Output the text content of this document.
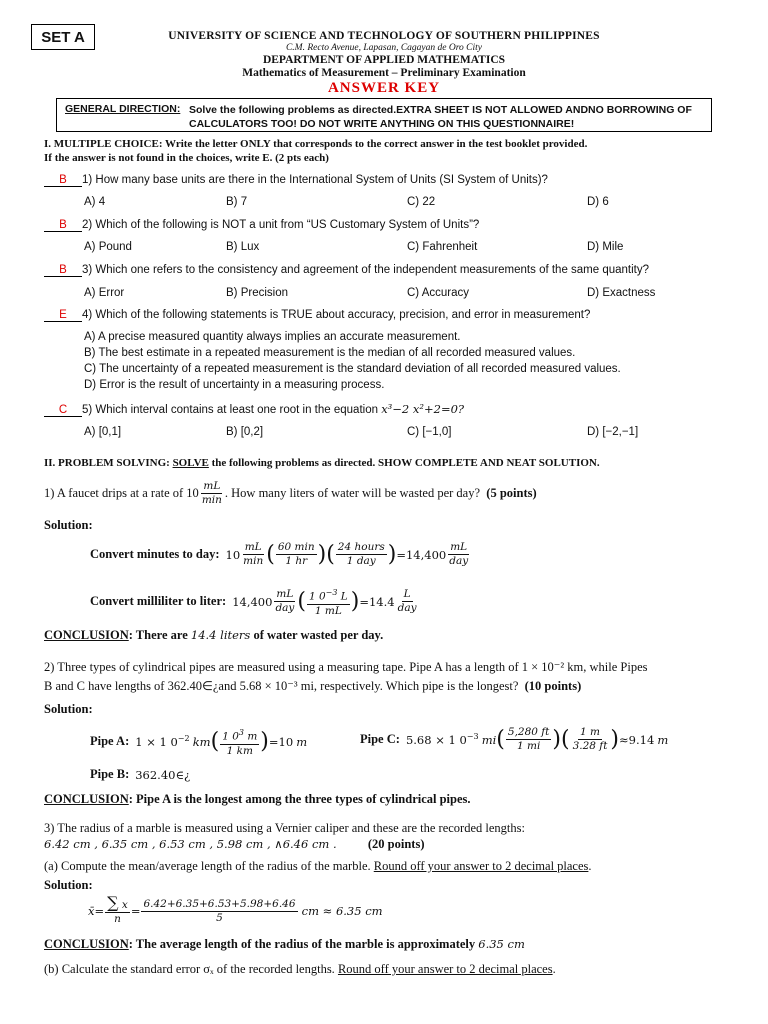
SET A	UNIVERSITY OF SCIENCE AND TECHNOLOGY OF SOUTHERN PHILIPPINES
C.M. Recto Avenue, Lapasan, Cagayan de Oro City
DEPARTMENT OF APPLIED MATHEMATICS
Mathematics of Measurement – Preliminary Examination
ANSWER KEY
GENERAL DIRECTION: Solve the following problems as directed.EXTRA SHEET IS NOT ALLOWED ANDNO BORROWING OF CALCULATORS TOO! DO NOT WRITE ANYTHING ON THIS QUESTIONNAIRE!
I. MULTIPLE CHOICE: Write the letter ONLY that corresponds to the correct answer in the test booklet provided.
If the answer is not found in the choices, write E. (2 pts each)
B 1) How many base units are there in the International System of Units (SI System of Units)?
A) 4	B) 7	C) 22	D) 6
B 2) Which of the following is NOT a unit from “US Customary System of Units”?
A) Pound	B) Lux	C) Fahrenheit	D) Mile
B 3) Which one refers to the consistency and agreement of the independent measurements of the same quantity?
A) Error	B) Precision	C) Accuracy	D) Exactness
E 4) Which of the following statements is TRUE about accuracy, precision, and error in measurement?
A) A precise measured quantity always implies an accurate measurement.
B) The best estimate in a repeated measurement is the median of all recorded measured values.
C) The uncertainty of a repeated measurement is the standard deviation of all recorded measured values.
D) Error is the result of uncertainty in a measuring process.
C 5) Which interval contains at least one root in the equation x³−2 x²+2=0?
A) [0,1]	B) [0,2]	C) [−1,0]	D) [−2,−1]
II. PROBLEM SOLVING: SOLVE the following problems as directed. SHOW COMPLETE AND NEAT SOLUTION.
1) A faucet drips at a rate of $10 \frac{mL}{\min}$ . How many liters of water will be wasted per day?
(5 points)
Solution:
Convert minutes to day: $10 \frac{mL}{\min}$ ( $\frac{60 \min}{1 hr}$ ) ( $\frac{\text{24 hours}}{\text{1 day}}$ ) $=14,400 \frac{mL}{\text{day}}$
Convert milliliter to liter: $14,400 \frac{mL}{\text{day}}$ ( $\frac{1 0^{-3} L}{1 mL}$ ) $=14.4 \frac{L}{\text{day}}$
CONCLUSION: There are 14.4 liters of water wasted per day.
2) Three types of cylindrical pipes are measured using a measuring tape. Pipe A has a length of 1 × 10⁻² km, while Pipes
B and C have lengths of 362.40∈¿and 5.68 × 10⁻³ mi, respectively. Which pipe is the longest? (10 points)
Solution:
Pipe A: 1 × 1 $0^{-2}$
km ( $\frac{1 0^3 m}{1 km}$ ) =10
m	Pipe C: 5.68 × 1 $0^{-3}$
mi ( $\frac{5,280 ft}{1 mi}$ ) ( $\frac{1 m}{3.28 ft}$ ) ≈9.14
m
Pipe B: 362.40∈¿
CONCLUSION: Pipe A is the longest among the three types of cylindrical pipes.
3) The radius of a marble is measured using a Vernier caliper and these are the recorded lengths:
6.42 cm , 6.35 cm , 6.53 cm , 5.98 cm , ∧6.46 cm .	(20 points)
(a) Compute the mean/average length of the radius of the marble. Round off your answer to 2 decimal places.
Solution:
x̄= $\frac{\sum x}{n} = \frac{6.42+6.35+6.53+5.98+6.46}{5}$
cm ≈ 6.35 cm
CONCLUSION: The average length of the radius of the marble is approximately 6.35 cm
(b) Calculate the standard error σₓ of the recorded lengths. Round off your answer to 2 decimal places.
